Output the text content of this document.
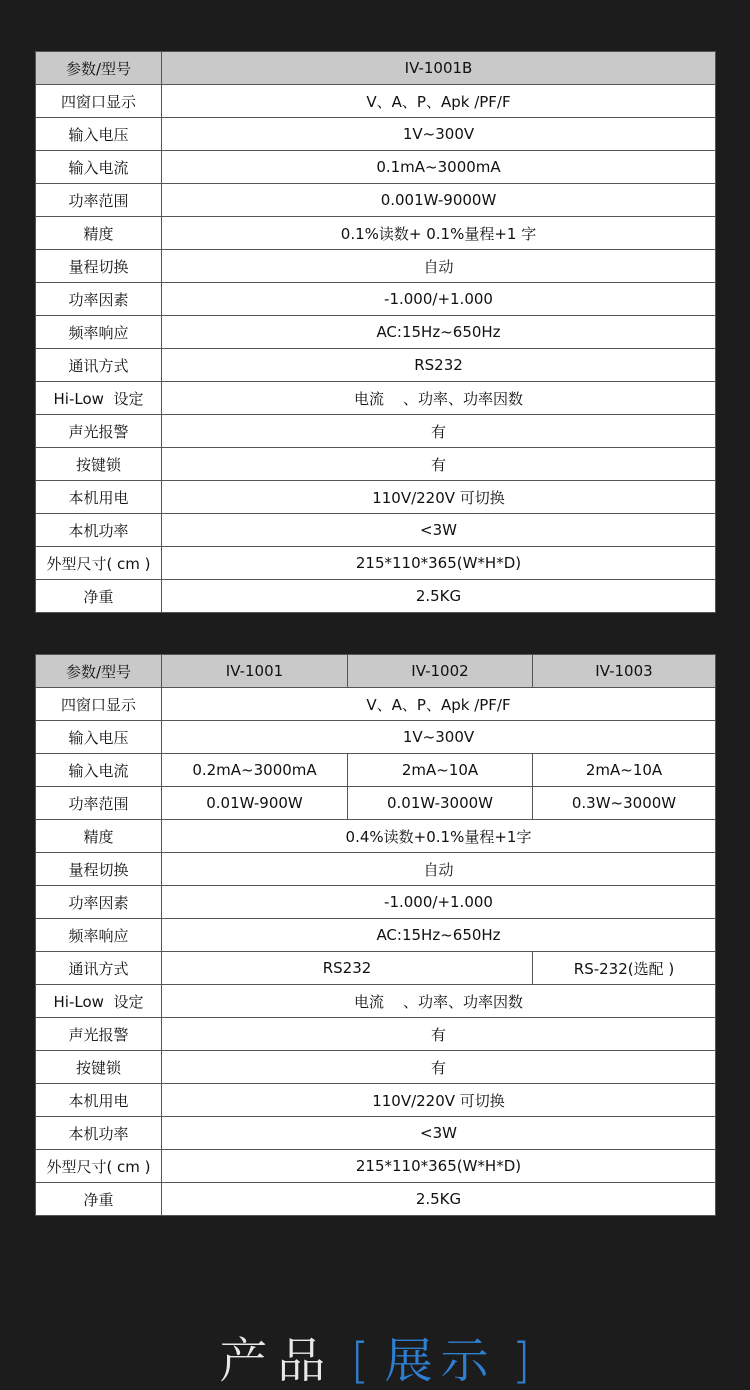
参数/型号	IV-1001B
四窗口显示	V、A、P、Apk /PF/F
输入电压	1V~300V
输入电流	0.1mA~3000mA
功率范围	0.001W-9000W
精度	0.1%读数+ 0.1%量程+1 字
量程切换	自动
功率因素	-1.000/+1.000
频率响应	AC:15Hz~650Hz
通讯方式	RS232
Hi-Low  设定	电流    、功率、功率因数
声光报警	有
按键锁	有
本机用电	110V/220V 可切换
本机功率	<3W
外型尺寸( cm )	215*110*365(W*H*D)
净重	2.5KG
参数/型号	IV-1001	IV-1002	IV-1003
四窗口显示	V、A、P、Apk /PF/F		
输入电压	1V~300V		
输入电流	0.2mA~3000mA	2mA~10A	2mA~10A
功率范围	0.01W-900W	0.01W-3000W	0.3W~3000W
精度	0.4%读数+0.1%量程+1字		
量程切换	自动		
功率因素	-1.000/+1.000		
频率响应	AC:15Hz~650Hz		
通讯方式	RS232		RS-232(选配 )
Hi-Low  设定	电流    、功率、功率因数		
声光报警	有		
按键锁	有		
本机用电	110V/220V 可切换		
本机功率	<3W		
外型尺寸( cm )	215*110*365(W*H*D)		
净重	2.5KG		
产品 [ 展示 ]
